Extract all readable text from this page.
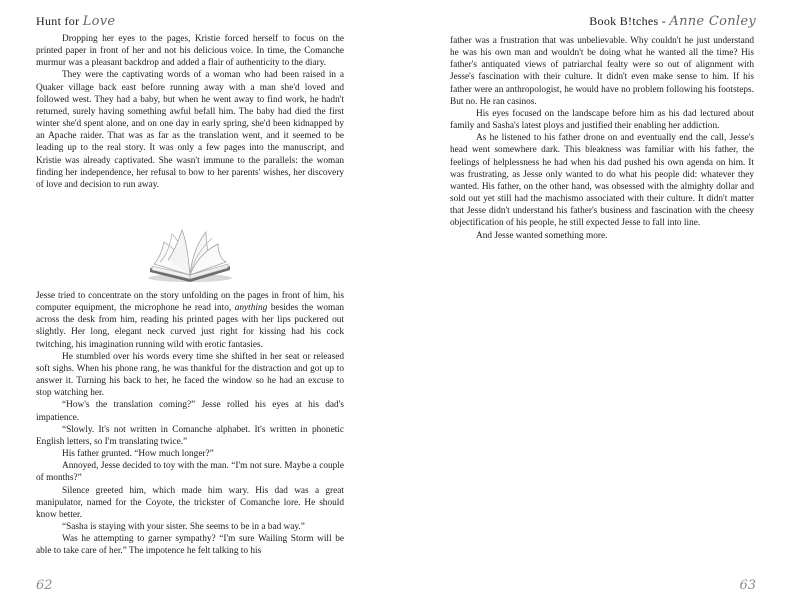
Hunt for Love

Dropping her eyes to the pages, Kristie forced herself to focus on the printed paper in front of her and not his delicious voice. In time, the Comanche murmur was a pleasant backdrop and added a flair of authenticity to the diary.

They were the captivating words of a woman who had been raised in a Quaker village back east before running away with a man she'd loved and followed west. They had a baby, but when he went away to find work, he hadn't returned, surely having something awful befall him. The baby had died the first winter she'd spent alone, and on one day in early spring, she'd been kidnapped by an Apache raider. That was as far as the translation went, and it seemed to be leading up to the real story. It was only a few pages into the manuscript, and Kristie was already captivated. She wasn't immune to the parallels: the woman finding her independence, her refusal to bow to her parents' wishes, her discovery of love and decision to run away.

Jesse tried to concentrate on the story unfolding on the pages in front of him, his computer equipment, the microphone he read into, anything besides the woman across the desk from him, reading his printed pages with her lips puckered out slightly. Her long, elegant neck curved just right for kissing had his cock twitching, his imagination running wild with erotic fantasies.

He stumbled over his words every time she shifted in her seat or released soft sighs. When his phone rang, he was thankful for the distraction and got up to answer it. Turning his back to her, he faced the window so he had an excuse to stop watching her.

“How's the translation coming?” Jesse rolled his eyes at his dad's impatience.

“Slowly. It's not written in Comanche alphabet. It's written in phonetic English letters, so I'm translating twice.”

His father grunted. “How much longer?”

Annoyed, Jesse decided to toy with the man. “I'm not sure. Maybe a couple of months?”

Silence greeted him, which made him wary. His dad was a great manipulator, named for the Coyote, the trickster of Comanche lore. He should know better.

“Sasha is staying with your sister. She seems to be in a bad way.”

Was he attempting to garner sympathy? “I'm sure Wailing Storm will be able to take care of her.” The impotence he felt talking to his

62
Book B!tches - Anne Conley

father was a frustration that was unbelievable. Why couldn't he just understand he was his own man and wouldn't be doing what he wanted all the time? His father's antiquated views of patriarchal fealty were so out of alignment with Jesse's fascination with their culture. It didn't even make sense to him. If his father were an anthropologist, he would have no problem following his footsteps. But no. He ran casinos.

His eyes focused on the landscape before him as his dad lectured about family and Sasha's latest ploys and justified their enabling her addiction.

As he listened to his father drone on and eventually end the call, Jesse's head went somewhere dark. This bleakness was familiar with his father, the feelings of helplessness he had when his dad pushed his own agenda on him. It was frustrating, as Jesse only wanted to do what his people did: whatever they wanted. His father, on the other hand, was obsessed with the almighty dollar and sold out yet still had the machismo associated with their culture. It didn't matter that Jesse didn't understand his father's business and fascination with the cheesy objectification of his people, he still expected Jesse to fall into line.

And Jesse wanted something more.

63
